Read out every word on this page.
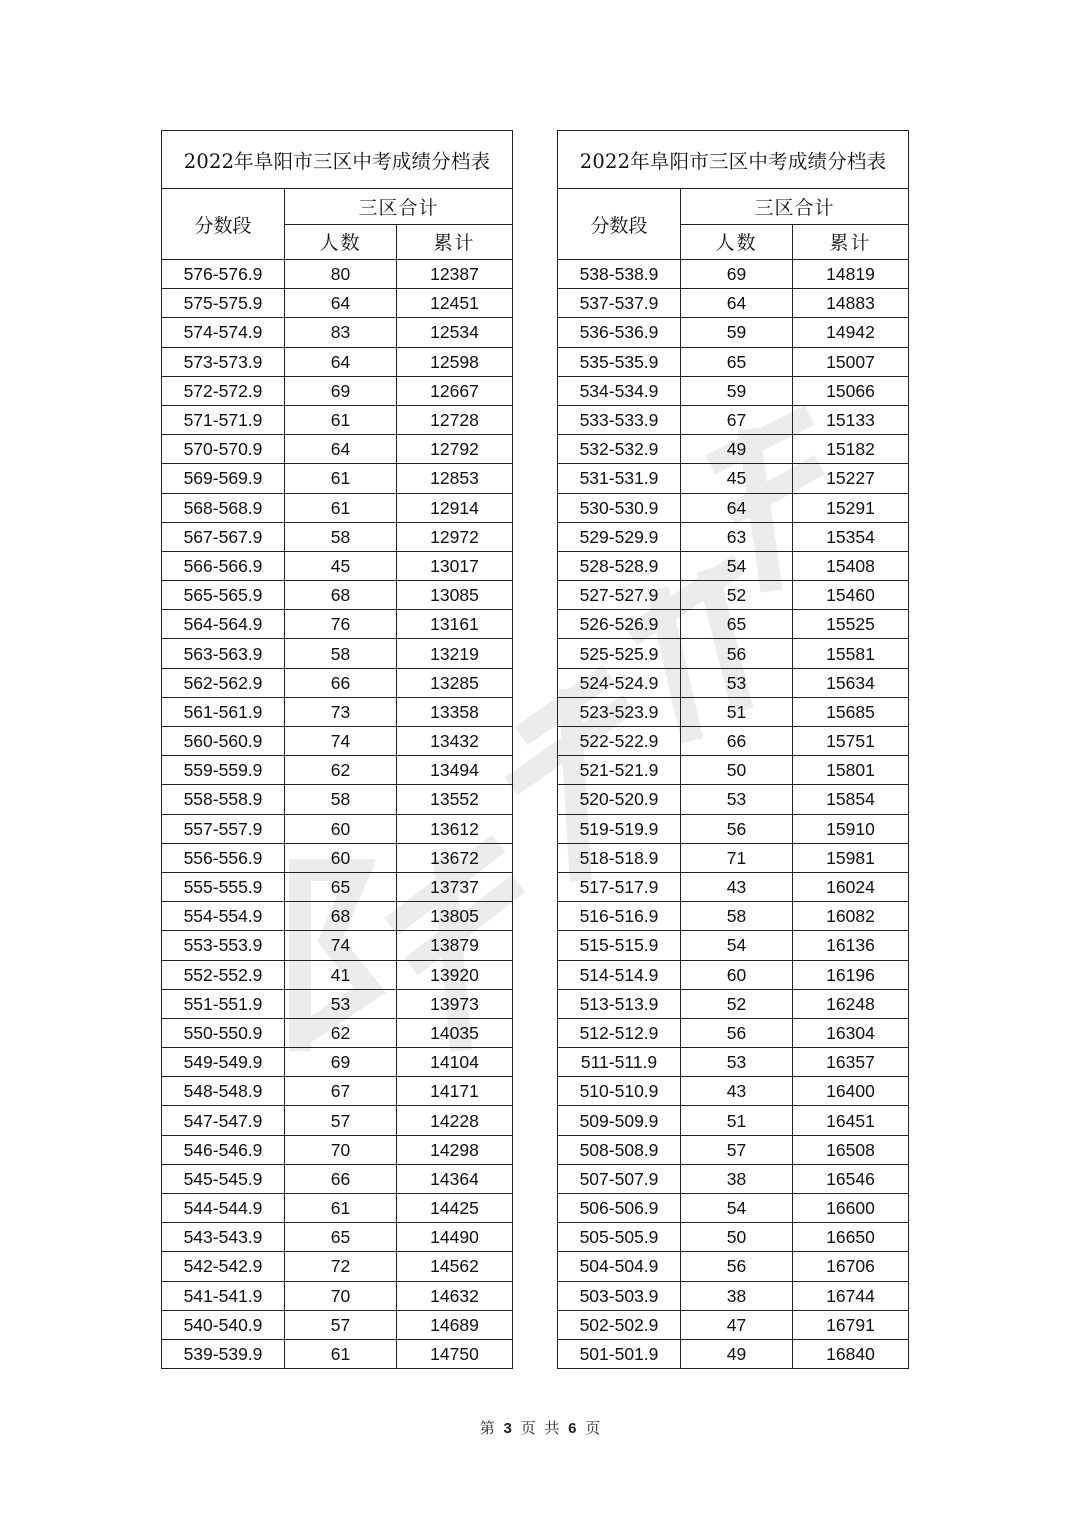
2022年阜阳市三区中考成绩分档表		
分数段	三区合计	
	人数	累计
576-576.9	80	12387
575-575.9	64	12451
574-574.9	83	12534
573-573.9	64	12598
572-572.9	69	12667
571-571.9	61	12728
570-570.9	64	12792
569-569.9	61	12853
568-568.9	61	12914
567-567.9	58	12972
566-566.9	45	13017
565-565.9	68	13085
564-564.9	76	13161
563-563.9	58	13219
562-562.9	66	13285
561-561.9	73	13358
560-560.9	74	13432
559-559.9	62	13494
558-558.9	58	13552
557-557.9	60	13612
556-556.9	60	13672
555-555.9	65	13737
554-554.9	68	13805
553-553.9	74	13879
552-552.9	41	13920
551-551.9	53	13973
550-550.9	62	14035
549-549.9	69	14104
548-548.9	67	14171
547-547.9	57	14228
546-546.9	70	14298
545-545.9	66	14364
544-544.9	61	14425
543-543.9	65	14490
542-542.9	72	14562
541-541.9	70	14632
540-540.9	57	14689
539-539.9	61	14750
2022年阜阳市三区中考成绩分档表		
分数段	三区合计	
	人数	累计
538-538.9	69	14819
537-537.9	64	14883
536-536.9	59	14942
535-535.9	65	15007
534-534.9	59	15066
533-533.9	67	15133
532-532.9	49	15182
531-531.9	45	15227
530-530.9	64	15291
529-529.9	63	15354
528-528.9	54	15408
527-527.9	52	15460
526-526.9	65	15525
525-525.9	56	15581
524-524.9	53	15634
523-523.9	51	15685
522-522.9	66	15751
521-521.9	50	15801
520-520.9	53	15854
519-519.9	56	15910
518-518.9	71	15981
517-517.9	43	16024
516-516.9	58	16082
515-515.9	54	16136
514-514.9	60	16196
513-513.9	52	16248
512-512.9	56	16304
511-511.9	53	16357
510-510.9	43	16400
509-509.9	51	16451
508-508.9	57	16508
507-507.9	38	16546
506-506.9	54	16600
505-505.9	50	16650
504-504.9	56	16706
503-503.9	38	16744
502-502.9	47	16791
501-501.9	49	16840
第 3 页 共 6 页
